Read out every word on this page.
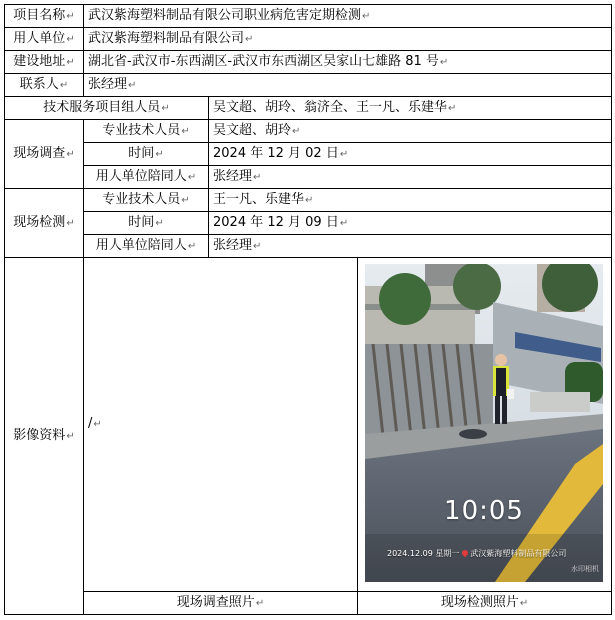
项目名称↵	武汉紫海塑料制品有限公司职业病危害定期检测↵		
用人单位↵	武汉紫海塑料制品有限公司↵		
建设地址↵	湖北省-武汉市-东西湖区-武汉市东西湖区吴家山七雄路 81 号↵		
联系人↵	张经理↵		
技术服务项目组人员↵		吴文超、胡玲、翁济全、王一凡、乐建华↵	
现场调查↵	专业技术人员↵	吴文超、胡玲↵	
	时间↵	2024 年 12 月 02 日↵	
	用人单位陪同人↵	张经理↵	
现场检测↵	专业技术人员↵	王一凡、乐建华↵	
	时间↵	2024 年 12 月 09 日↵	
	用人单位陪同人↵	张经理↵	
影像资料↵	/↵		10:05
2024.12.09 星期一 武汉紫海塑料制品有限公司
水印相机

	现场调查照片↵		现场检测照片↵
